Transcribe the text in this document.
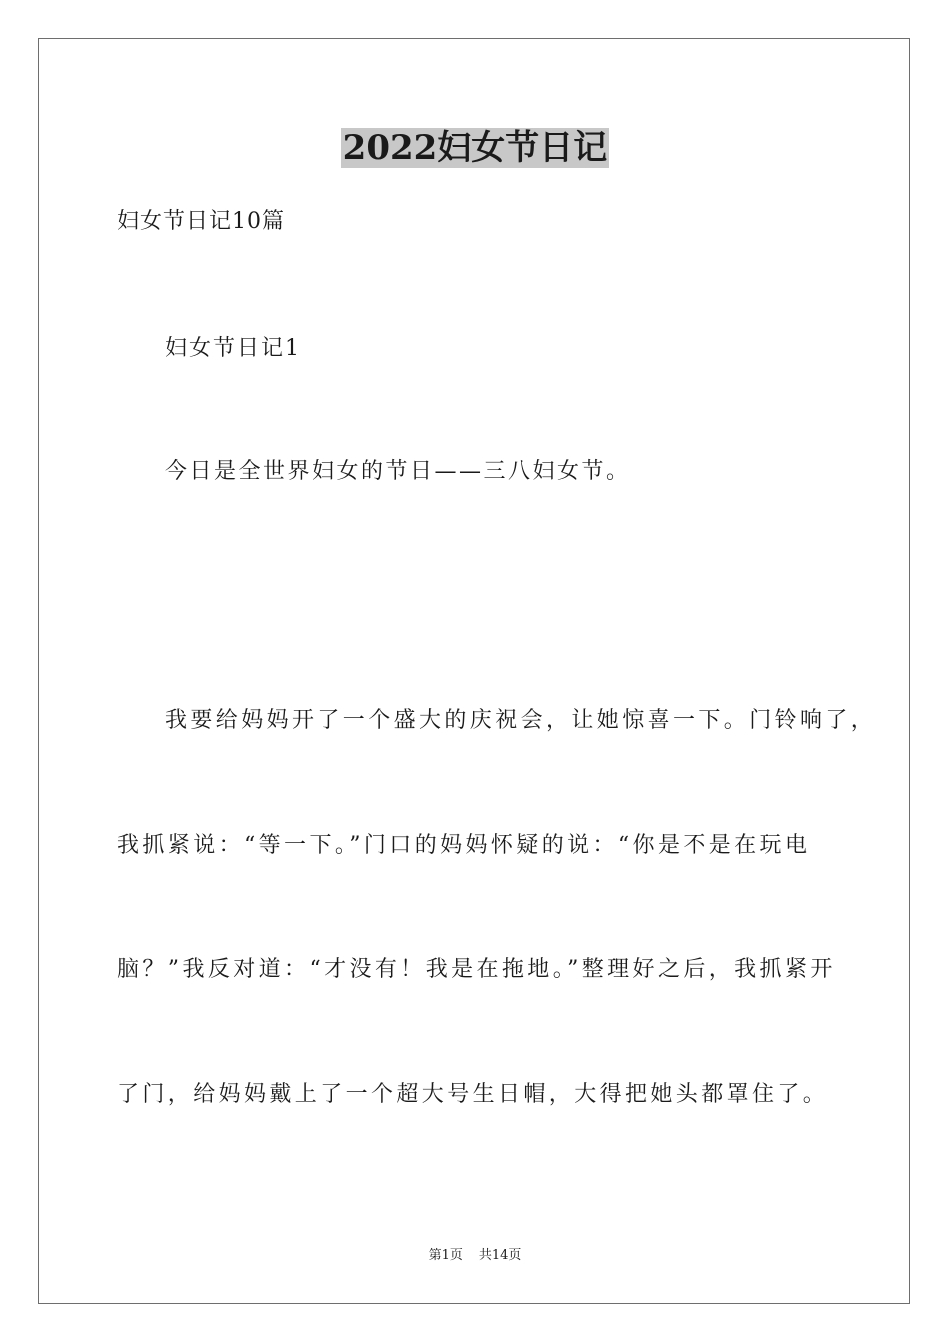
2022妇女节日记
妇女节日记10篇
妇女节日记1
今日是全世界妇女的节日——三八妇女节。
我要给妈妈开了一个盛大的庆祝会，让她惊喜一下。门铃响了，
我抓紧说：“等一下。”门口的妈妈怀疑的说：“你是不是在玩电
脑？”我反对道：“才没有！我是在拖地。”整理好之后，我抓紧开
了门，给妈妈戴上了一个超大号生日帽，大得把她头都罩住了。
第1页 共14页
